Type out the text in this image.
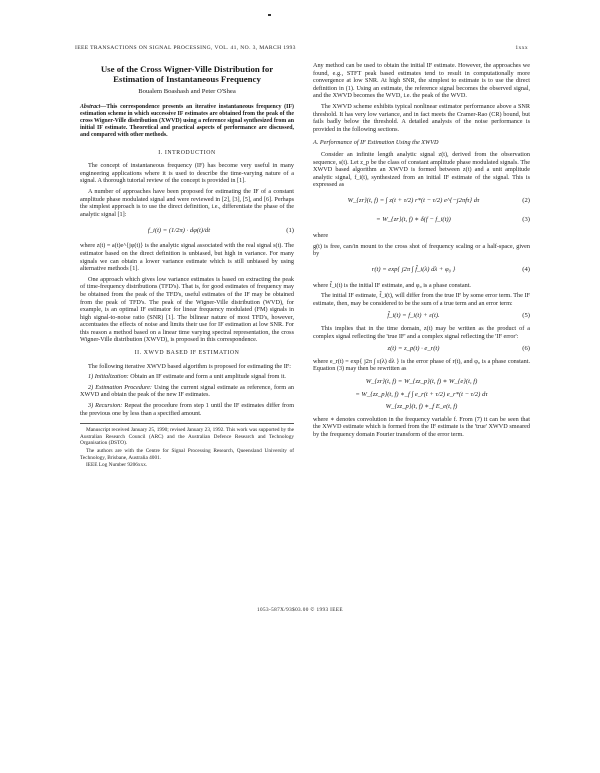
IEEE TRANSACTIONS ON SIGNAL PROCESSING, VOL. 41, NO. 3, MARCH 1993	1xxx
Use of the Cross Wigner-Ville Distribution for Estimation of Instantaneous Frequency
Boualem Boashash and Peter O'Shea
Abstract—This correspondence presents an iterative instantaneous frequency (IF) estimation scheme in which successive IF estimates are obtained from the peak of the cross Wigner-Ville distribution (XWVD) using a reference signal synthesized from an initial IF estimate. Theoretical and practical aspects of performance are discussed, and compared with other methods.
I. INTRODUCTION

The concept of instantaneous frequency (IF) has become very useful in many engineering applications where it is used to describe the time-varying nature of a signal. A thorough tutorial review of the concept is provided in [1].

A number of approaches have been proposed for estimating the IF of a constant amplitude phase modulated signal and were reviewed in [2], [3], [5], and [6]. Perhaps the simplest approach is to use the direct definition, i.e., differentiate the phase of the analytic signal [1]:

f_i(t) = (1/2π) · dφ(t)/dt	(1)

where z(t) = a(t)e^{jφ(t)} is the analytic signal associated with the real signal s(t). The estimator based on the direct definition is unbiased, but high in variance. For many signals we can obtain a lower variance estimate which is still unbiased by using alternative methods [1].

One approach which gives low variance estimates is based on extracting the peak of time-frequency distributions (TFD's). That is, for good estimates of frequency may be obtained from the peak of the TFD's, useful estimates of the IF may be obtained from the peak of TFD's. The peak of the Wigner-Ville distribution (WVD), for example, is an optimal IF estimator for linear frequency modulated (FM) signals in high signal-to-noise ratio (SNR) [1]. The bilinear nature of most TFD's, however, accentuates the effects of noise and limits their use for IF estimation at low SNR. For this reason a method based on a linear time varying spectral representation, the cross Wigner-Ville distribution (XWVD), is proposed in this correspondence.

II. XWVD BASED IF ESTIMATION

The following iterative XWVD based algorithm is proposed for estimating the IF:

1) Initialization: Obtain an IF estimate and form a unit amplitude signal from it.

2) Estimation Procedure: Using the current signal estimate as reference, form an XWVD and obtain the peak of the new IF estimates.

3) Recursion: Repeat the procedure from step 1 until the IF estimates differ from the previous one by less than a specified amount.

Manuscript received January 25, 1990; revised January 23, 1992. This work was supported by the Australian Research Council (ARC) and the Australian Defence Research and Technology Organisation (DSTO).
The authors are with the Centre for Signal Processing Research, Queensland University of Technology, Brisbane, Australia 4001.
IEEE Log Number 9206xxx.

Any method can be used to obtain the initial IF estimate. However, the approaches we found, e.g., STFT peak based estimates tend to result in computationally more convergence at low SNR. At high SNR, the simplest to estimate is to use the direct definition in (1). Using an estimate, the reference signal becomes the observed signal, and the XWVD becomes the WVD, i.e. the peak of the WVD.

The XWVD scheme exhibits typical nonlinear estimator performance above a SNR threshold. It has very low variance, and in fact meets the Cramer-Rao (CR) bound, but fails badly below the threshold. A detailed analysis of the noise performance is provided in the following sections.

A. Performance of IF Estimation Using the XWVD

Consider an infinite length analytic signal z(t), derived from the observation sequence, s(t). Let z_p be the class of constant amplitude phase modulated signals. The XWVD based algorithm an XWVD is formed between z(t) and a unit amplitude analytic signal, f_i(t), synthesized from an initial IF estimate of the signal. This is expressed as

W_{zr}(t, f) = ∫ z(t + τ/2) r*(t − τ/2) e^{−j2πfτ} dτ	(2)
= W_{zr}(t, f) ∗ δ(f − f_i(t))	(3)

where

g(t) is free, can/in mount to the cross shot of frequency scaling or a half-space, given by

r(t) = exp{ j2π ∫ f̂_i(λ) dλ + φ₀ }	(4)

where f̂_i(t) is the initial IF estimate, and φ₀ is a phase constant.

The initial IF estimate, f̂_i(t), will differ from the true IF by some error term. The IF estimate, then, may be considered to be the sum of a true term and an error term:

f̂_i(t) = f_i(t) + ε(t).	(5)

This implies that in the time domain, z(t) may be written as the product of a complex signal reflecting the 'true IF' and a complex signal reflecting the 'IF error':

z(t) = z_p(t) · e_r(t)	(6)

where e_r(t) = exp{ j2π ∫ ε(λ) dλ } is the error phase of r(t), and φ₀ is a phase constant. Equation (3) may then be rewritten as

W_{zr}(t, f) = W_{zz_p}(t, f) ∗ W_{e}(t, f)
= W_{zz_p}(t, f) ∗_f ∫ e_r(t + τ/2) e_r*(t − τ/2) dτ
W_{zz_p}(t, f) ∗_f E_e(t, f)

where ∗ denotes convolution in the frequency variable f. From (7) it can be seen that the XWVD estimate which is formed from the IF estimate is the 'true' XWVD smeared by the frequency domain Fourier transform of the error term.

1053-587X/93$03.00 © 1993 IEEE
